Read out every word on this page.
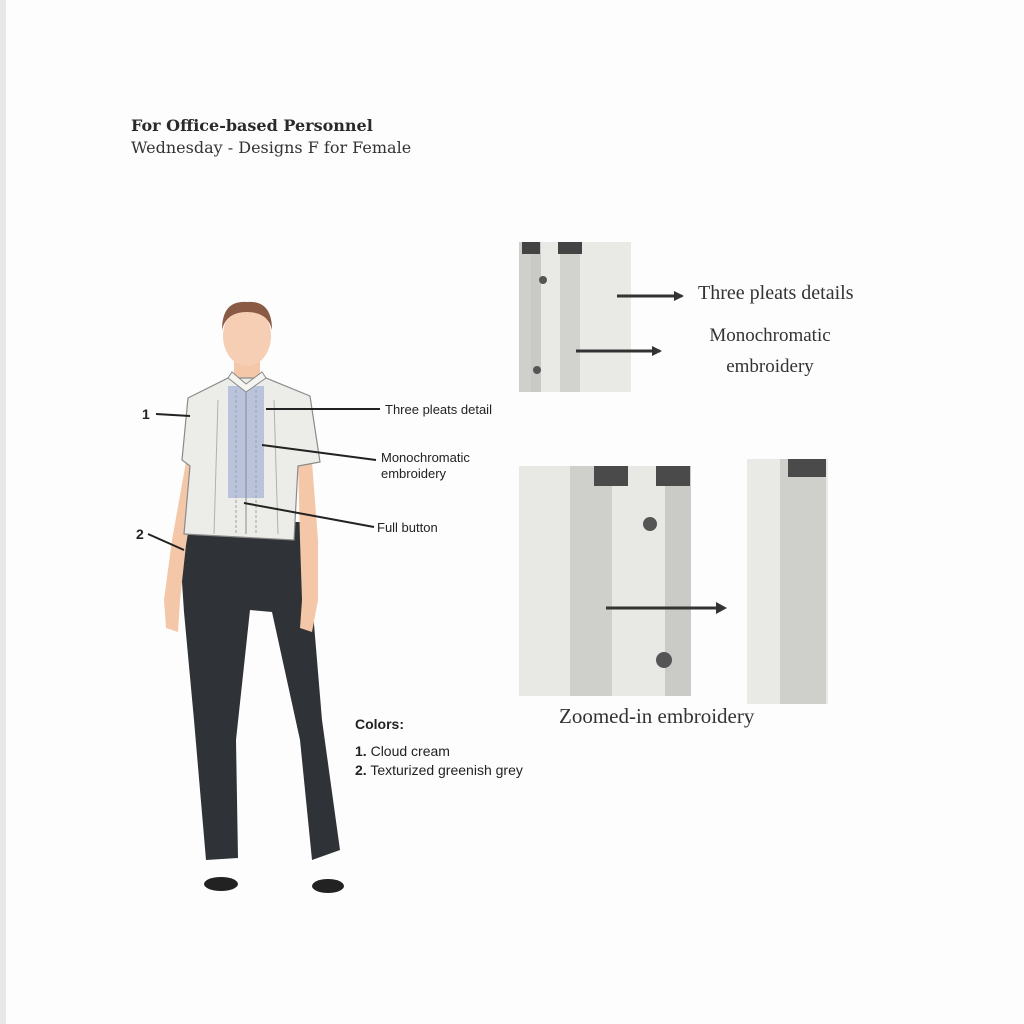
For Office-based Personnel
Wednesday - Designs F for Female
1
2
Three pleats detail
Monochromatic
embroidery
Full button
Three pleats details
Monochromatic
embroidery
Zoomed-in embroidery
Colors:
1. Cloud cream
2. Texturized greenish grey
